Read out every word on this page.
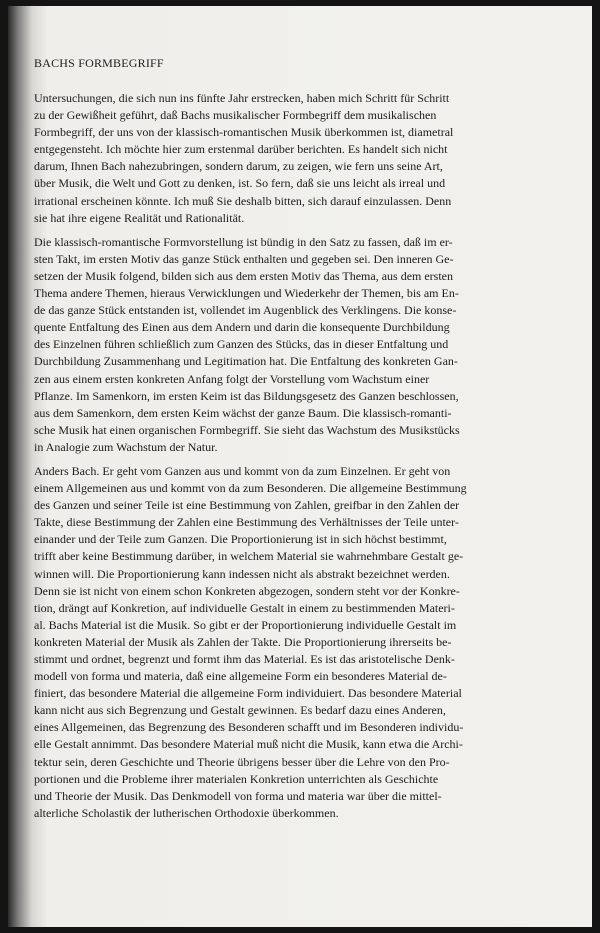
BACHS FORMBEGRIFF

Untersuchungen, die sich nun ins fünfte Jahr erstrecken, haben mich Schritt für Schritt
zu der Gewißheit geführt, daß Bachs musikalischer Formbegriff dem musikalischen
Formbegriff, der uns von der klassisch-romantischen Musik überkommen ist, diametral
entgegensteht. Ich möchte hier zum erstenmal darüber berichten. Es handelt sich nicht
darum, Ihnen Bach nahezubringen, sondern darum, zu zeigen, wie fern uns seine Art,
über Musik, die Welt und Gott zu denken, ist. So fern, daß sie uns leicht als irreal und
irrational erscheinen könnte. Ich muß Sie deshalb bitten, sich darauf einzulassen. Denn
sie hat ihre eigene Realität und Rationalität.

Die klassisch-romantische Formvorstellung ist bündig in den Satz zu fassen, daß im er-
sten Takt, im ersten Motiv das ganze Stück enthalten und gegeben sei. Den inneren Ge-
setzen der Musik folgend, bilden sich aus dem ersten Motiv das Thema, aus dem ersten
Thema andere Themen, hieraus Verwicklungen und Wiederkehr der Themen, bis am En-
de das ganze Stück entstanden ist, vollendet im Augenblick des Verklingens. Die konse-
quente Entfaltung des Einen aus dem Andern und darin die konsequente Durchbildung
des Einzelnen führen schließlich zum Ganzen des Stücks, das in dieser Entfaltung und
Durchbildung Zusammenhang und Legitimation hat. Die Entfaltung des konkreten Gan-
zen aus einem ersten konkreten Anfang folgt der Vorstellung vom Wachstum einer
Pflanze. Im Samenkorn, im ersten Keim ist das Bildungsgesetz des Ganzen beschlossen,
aus dem Samenkorn, dem ersten Keim wächst der ganze Baum. Die klassisch-romanti-
sche Musik hat einen organischen Formbegriff. Sie sieht das Wachstum des Musikstücks
in Analogie zum Wachstum der Natur.

Anders Bach. Er geht vom Ganzen aus und kommt von da zum Einzelnen. Er geht von
einem Allgemeinen aus und kommt von da zum Besonderen. Die allgemeine Bestimmung
des Ganzen und seiner Teile ist eine Bestimmung von Zahlen, greifbar in den Zahlen der
Takte, diese Bestimmung der Zahlen eine Bestimmung des Verhältnisses der Teile unter-
einander und der Teile zum Ganzen. Die Proportionierung ist in sich höchst bestimmt,
trifft aber keine Bestimmung darüber, in welchem Material sie wahrnehmbare Gestalt ge-
winnen will. Die Proportionierung kann indessen nicht als abstrakt bezeichnet werden.
Denn sie ist nicht von einem schon Konkreten abgezogen, sondern steht vor der Konkre-
tion, drängt auf Konkretion, auf individuelle Gestalt in einem zu bestimmenden Materi-
al. Bachs Material ist die Musik. So gibt er der Proportionierung individuelle Gestalt im
konkreten Material der Musik als Zahlen der Takte. Die Proportionierung ihrerseits be-
stimmt und ordnet, begrenzt und formt ihm das Material. Es ist das aristotelische Denk-
modell von forma und materia, daß eine allgemeine Form ein besonderes Material de-
finiert, das besondere Material die allgemeine Form individuiert. Das besondere Material
kann nicht aus sich Begrenzung und Gestalt gewinnen. Es bedarf dazu eines Anderen,
eines Allgemeinen, das Begrenzung des Besonderen schafft und im Besonderen individu-
elle Gestalt annimmt. Das besondere Material muß nicht die Musik, kann etwa die Archi-
tektur sein, deren Geschichte und Theorie übrigens besser über die Lehre von den Pro-
portionen und die Probleme ihrer materialen Konkretion unterrichten als Geschichte
und Theorie der Musik. Das Denkmodell von forma und materia war über die mittel-
alterliche Scholastik der lutherischen Orthodoxie überkommen.
